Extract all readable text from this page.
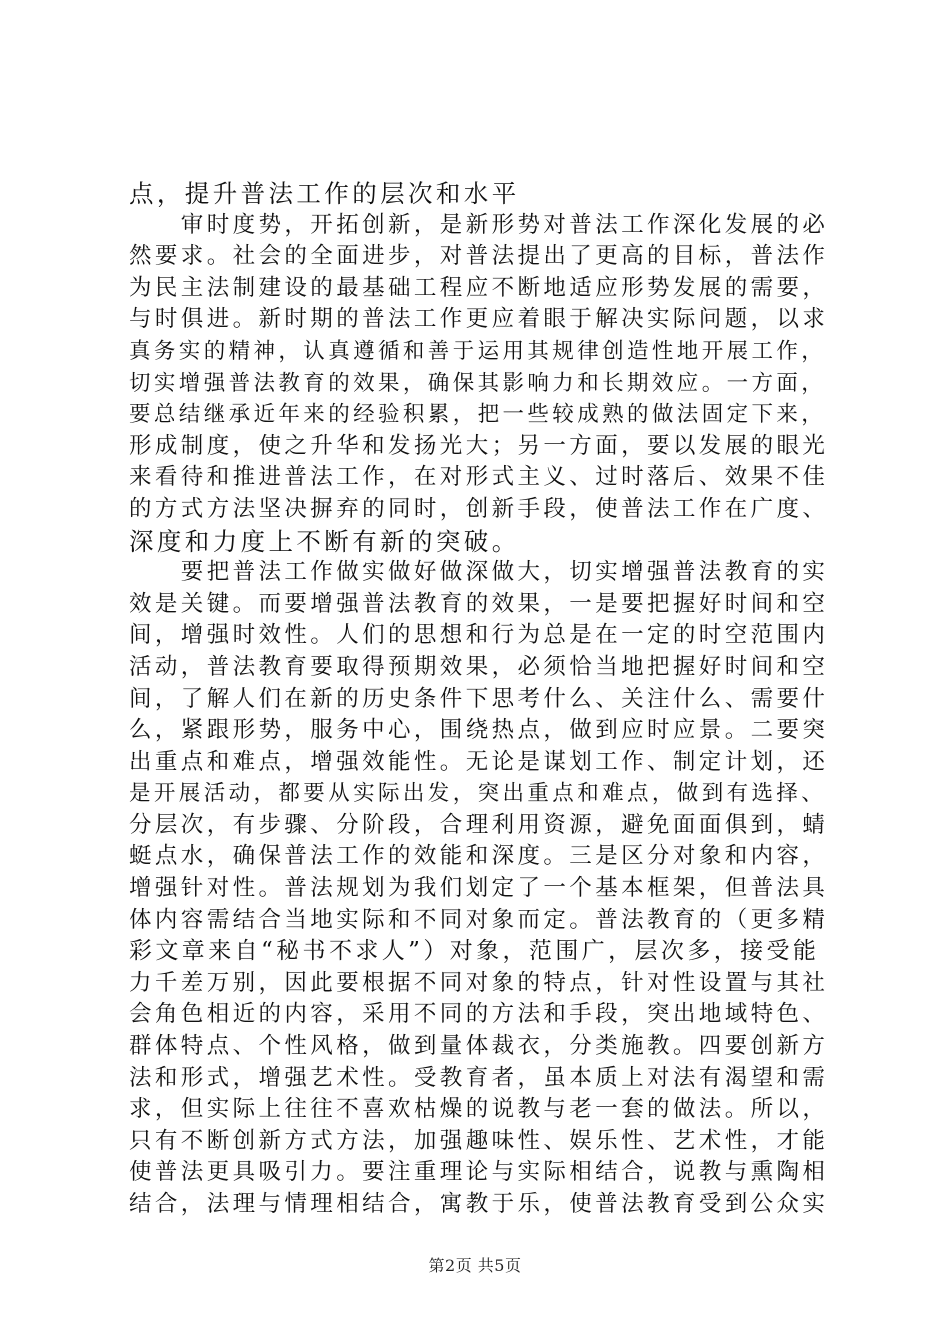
点，提升普法工作的层次和水平
　　审时度势，开拓创新，是新形势对普法工作深化发展的必
然要求。社会的全面进步，对普法提出了更高的目标，普法作
为民主法制建设的最基础工程应不断地适应形势发展的需要，
与时俱进。新时期的普法工作更应着眼于解决实际问题，以求
真务实的精神，认真遵循和善于运用其规律创造性地开展工作，
切实增强普法教育的效果，确保其影响力和长期效应。一方面，
要总结继承近年来的经验积累，把一些较成熟的做法固定下来，
形成制度，使之升华和发扬光大；另一方面，要以发展的眼光
来看待和推进普法工作，在对形式主义、过时落后、效果不佳
的方式方法坚决摒弃的同时，创新手段，使普法工作在广度、
深度和力度上不断有新的突破。
　　要把普法工作做实做好做深做大，切实增强普法教育的实
效是关键。而要增强普法教育的效果，一是要把握好时间和空
间，增强时效性。人们的思想和行为总是在一定的时空范围内
活动，普法教育要取得预期效果，必须恰当地把握好时间和空
间，了解人们在新的历史条件下思考什么、关注什么、需要什
么，紧跟形势，服务中心，围绕热点，做到应时应景。二要突
出重点和难点，增强效能性。无论是谋划工作、制定计划，还
是开展活动，都要从实际出发，突出重点和难点，做到有选择、
分层次，有步骤、分阶段，合理利用资源，避免面面俱到，蜻
蜓点水，确保普法工作的效能和深度。三是区分对象和内容，
增强针对性。普法规划为我们划定了一个基本框架，但普法具
体内容需结合当地实际和不同对象而定。普法教育的（更多精
彩文章来自“秘书不求人”）对象，范围广，层次多，接受能
力千差万别，因此要根据不同对象的特点，针对性设置与其社
会角色相近的内容，采用不同的方法和手段，突出地域特色、
群体特点、个性风格，做到量体裁衣，分类施教。四要创新方
法和形式，增强艺术性。受教育者，虽本质上对法有渴望和需
求，但实际上往往不喜欢枯燥的说教与老一套的做法。所以，
只有不断创新方式方法，加强趣味性、娱乐性、艺术性，才能
使普法更具吸引力。要注重理论与实际相结合，说教与熏陶相
结合，法理与情理相结合，寓教于乐，使普法教育受到公众实
第2页 共5页
